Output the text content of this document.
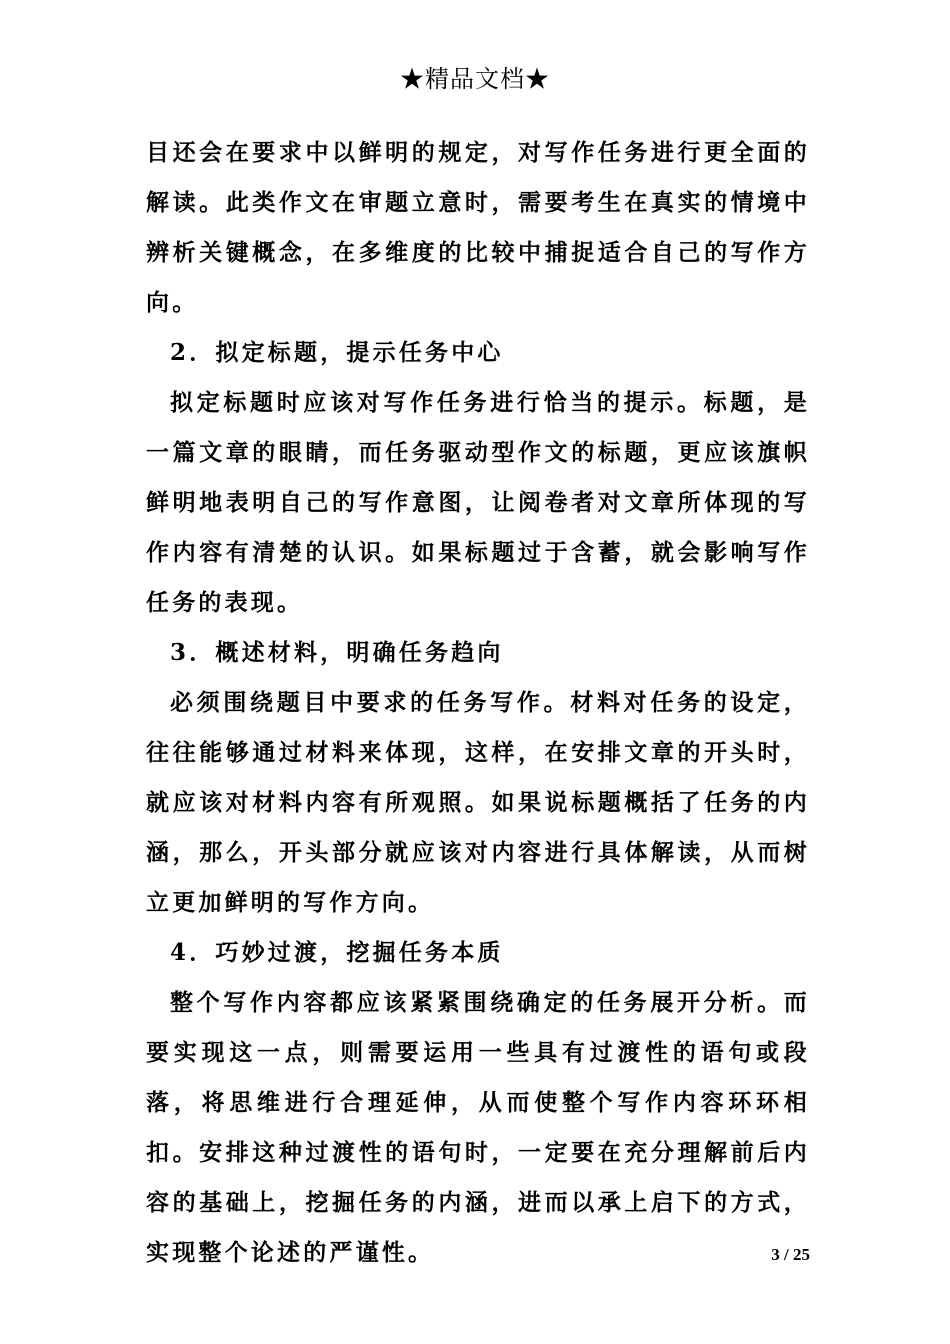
★精品文档★

目还会在要求中以鲜明的规定，对写作任务进行更全面的解读。此类作文在审题立意时，需要考生在真实的情境中辨析关键概念，在多维度的比较中捕捉适合自己的写作方向。

2．拟定标题，提示任务中心

拟定标题时应该对写作任务进行恰当的提示。标题，是一篇文章的眼睛，而任务驱动型作文的标题，更应该旗帜鲜明地表明自己的写作意图，让阅卷者对文章所体现的写作内容有清楚的认识。如果标题过于含蓄，就会影响写作任务的表现。

3．概述材料，明确任务趋向

必须围绕题目中要求的任务写作。材料对任务的设定，往往能够通过材料来体现，这样，在安排文章的开头时，就应该对材料内容有所观照。如果说标题概括了任务的内涵，那么，开头部分就应该对内容进行具体解读，从而树立更加鲜明的写作方向。

4．巧妙过渡，挖掘任务本质

整个写作内容都应该紧紧围绕确定的任务展开分析。而要实现这一点，则需要运用一些具有过渡性的语句或段落，将思维进行合理延伸，从而使整个写作内容环环相扣。安排这种过渡性的语句时，一定要在充分理解前后内容的基础上，挖掘任务的内涵，进而以承上启下的方式，实现整个论述的严谨性。	3 / 25
